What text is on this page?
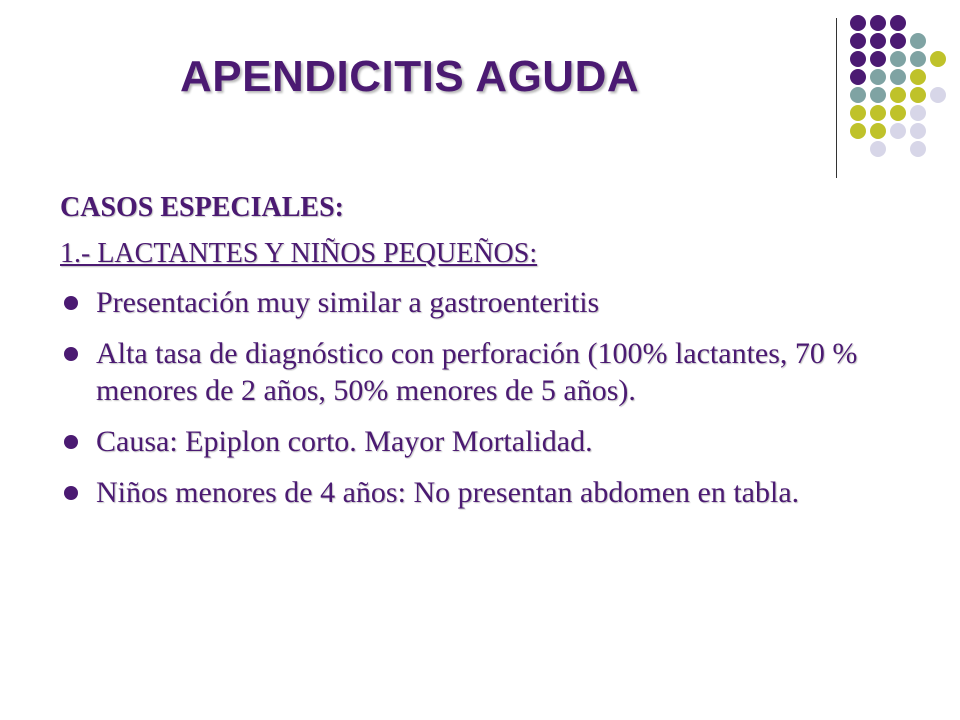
APENDICITIS AGUDA
CASOS ESPECIALES:
1.- LACTANTES Y NIÑOS PEQUEÑOS:
Presentación muy similar a gastroenteritis
Alta tasa de diagnóstico con perforación (100% lactantes, 70 % menores de 2 años, 50% menores de 5 años).
Causa: Epiplon corto. Mayor Mortalidad.
Niños menores de 4 años: No presentan abdomen en tabla.
